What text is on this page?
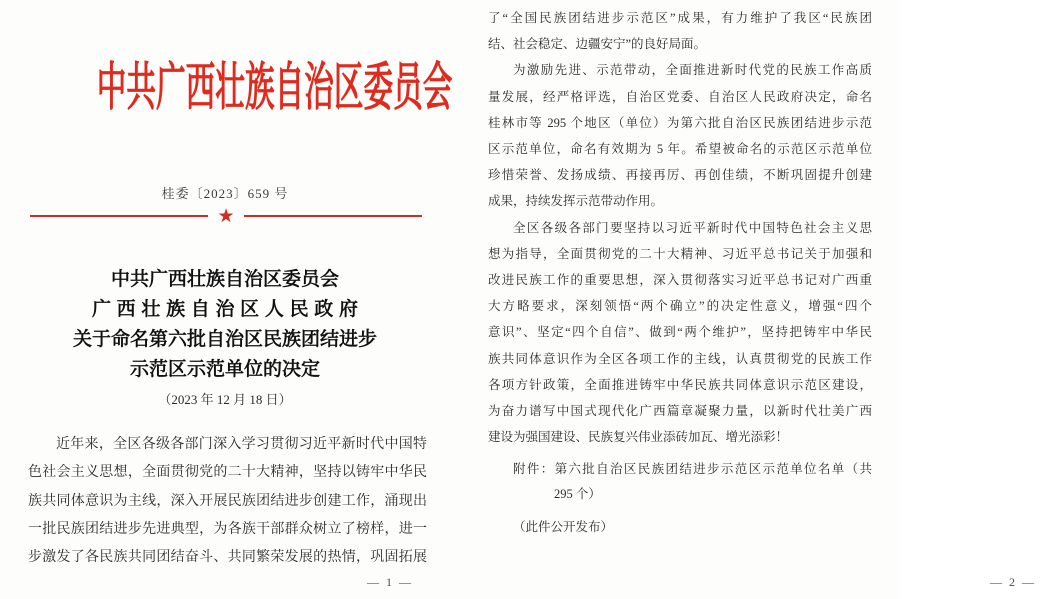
中共广西壮族自治区委员会
桂委〔2023〕659 号
★
中共广西壮族自治区委员会
广西壮族自治区人民政府
关于命名第六批自治区民族团结进步
示范区示范单位的决定
（2023 年 12 月 18 日）
近年来，全区各级各部门深入学习贯彻习近平新时代中国特
色社会主义思想，全面贯彻党的二十大精神，坚持以铸牢中华民
族共同体意识为主线，深入开展民族团结进步创建工作，涌现出
一批民族团结进步先进典型，为各族干部群众树立了榜样，进一
步激发了各民族共同团结奋斗、共同繁荣发展的热情，巩固拓展
— 1 —
了“全国民族团结进步示范区”成果，有力维护了我区“民族团
结、社会稳定、边疆安宁”的良好局面。
为激励先进、示范带动，全面推进新时代党的民族工作高质
量发展，经严格评选，自治区党委、自治区人民政府决定，命名
桂林市等 295 个地区（单位）为第六批自治区民族团结进步示范
区示范单位，命名有效期为 5 年。希望被命名的示范区示范单位
珍惜荣誉、发扬成绩、再接再厉、再创佳绩，不断巩固提升创建
成果，持续发挥示范带动作用。
全区各级各部门要坚持以习近平新时代中国特色社会主义思
想为指导，全面贯彻党的二十大精神、习近平总书记关于加强和
改进民族工作的重要思想，深入贯彻落实习近平总书记对广西重
大方略要求，深刻领悟“两个确立”的决定性意义，增强“四个
意识”、坚定“四个自信”、做到“两个维护”，坚持把铸牢中华民
族共同体意识作为全区各项工作的主线，认真贯彻党的民族工作
各项方针政策，全面推进铸牢中华民族共同体意识示范区建设，
为奋力谱写中国式现代化广西篇章凝聚力量，以新时代壮美广西
建设为强国建设、民族复兴伟业添砖加瓦、增光添彩！
附件：第六批自治区民族团结进步示范区示范单位名单（共
295 个）
（此件公开发布）
— 2 —
